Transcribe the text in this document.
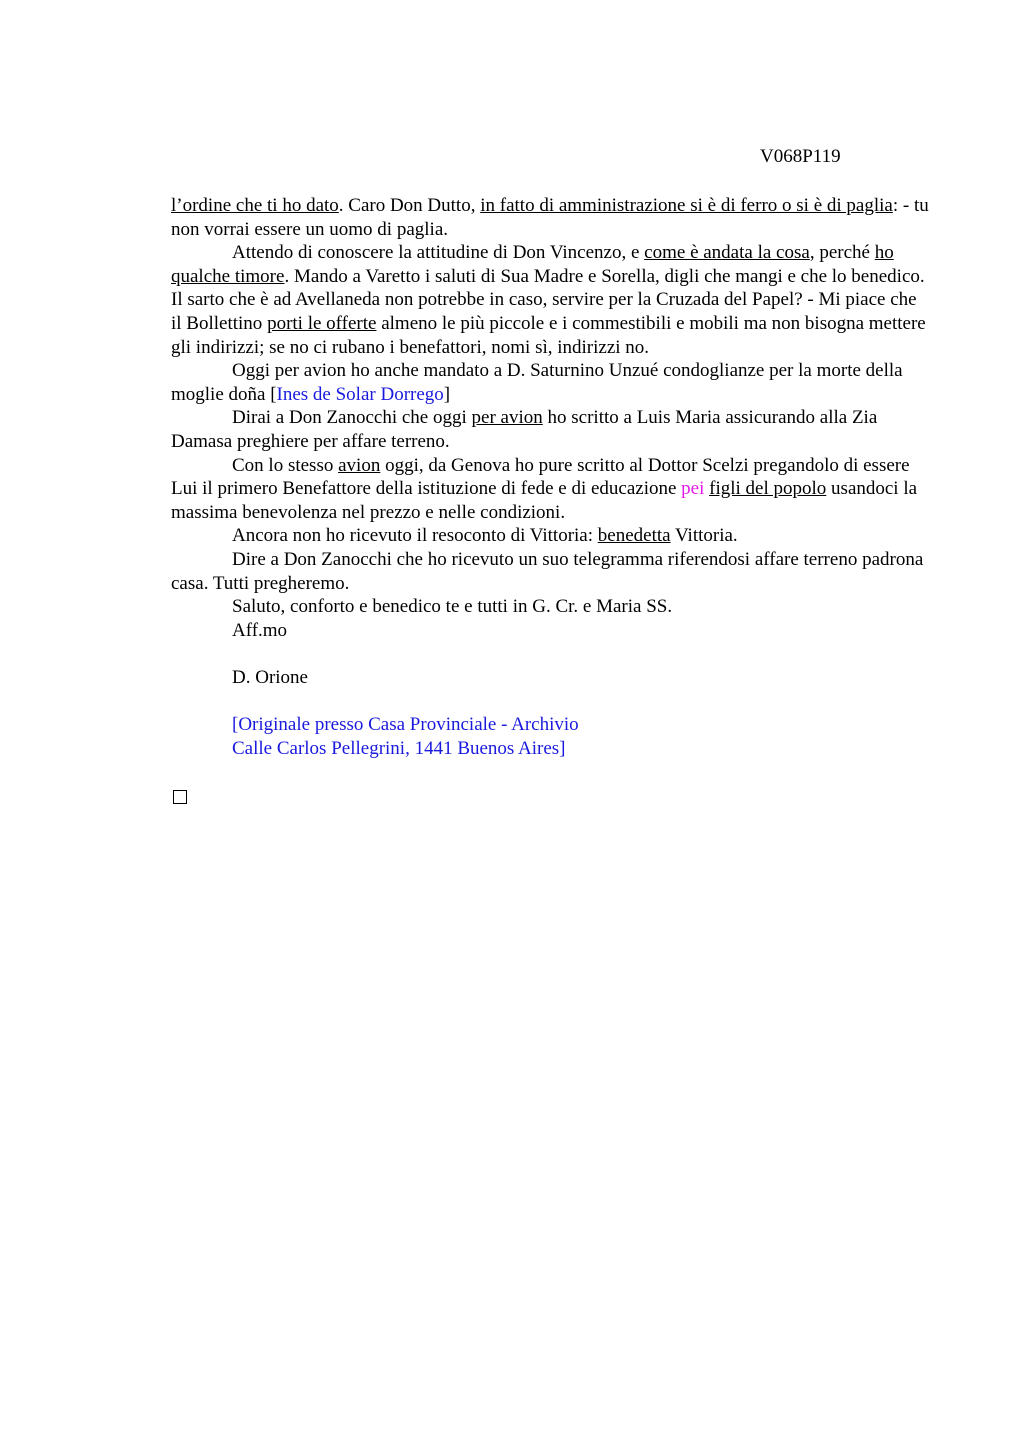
V068P119

l’ordine che ti ho dato. Caro Don Dutto, in fatto di amministrazione si è di ferro o si è di paglia: - tu non vorrai essere un uomo di paglia.

Attendo di conoscere la attitudine di Don Vincenzo, e come è andata la cosa, perché ho qualche timore. Mando a Varetto i saluti di Sua Madre e Sorella, digli che mangi e che lo benedico. Il sarto che è ad Avellaneda non potrebbe in caso, servire per la Cruzada del Papel? - Mi piace che il Bollettino porti le offerte almeno le più piccole e i commestibili e mobili ma non bisogna mettere gli indirizzi; se no ci rubano i benefattori, nomi sì, indirizzi no.

Oggi per avion ho anche mandato a D. Saturnino Unzué condoglianze per la morte della moglie doña [Ines de Solar Dorrego]

Dirai a Don Zanocchi che oggi per avion ho scritto a Luis Maria assicurando alla Zia Damasa preghiere per affare terreno.

Con lo stesso avion oggi, da Genova ho pure scritto al Dottor Scelzi pregandolo di essere Lui il primero Benefattore della istituzione di fede e di educazione pei figli del popolo usandoci la massima benevolenza nel prezzo e nelle condizioni.

Ancora non ho ricevuto il resoconto di Vittoria: benedetta Vittoria.

Dire a Don Zanocchi che ho ricevuto un suo telegramma riferendosi affare terreno padrona casa. Tutti pregheremo.

Saluto, conforto e benedico te e tutti in G. Cr. e Maria SS.

Aff.mo

D. Orione

[Originale presso Casa Provinciale - Archivio

Calle Carlos Pellegrini, 1441 Buenos Aires]
